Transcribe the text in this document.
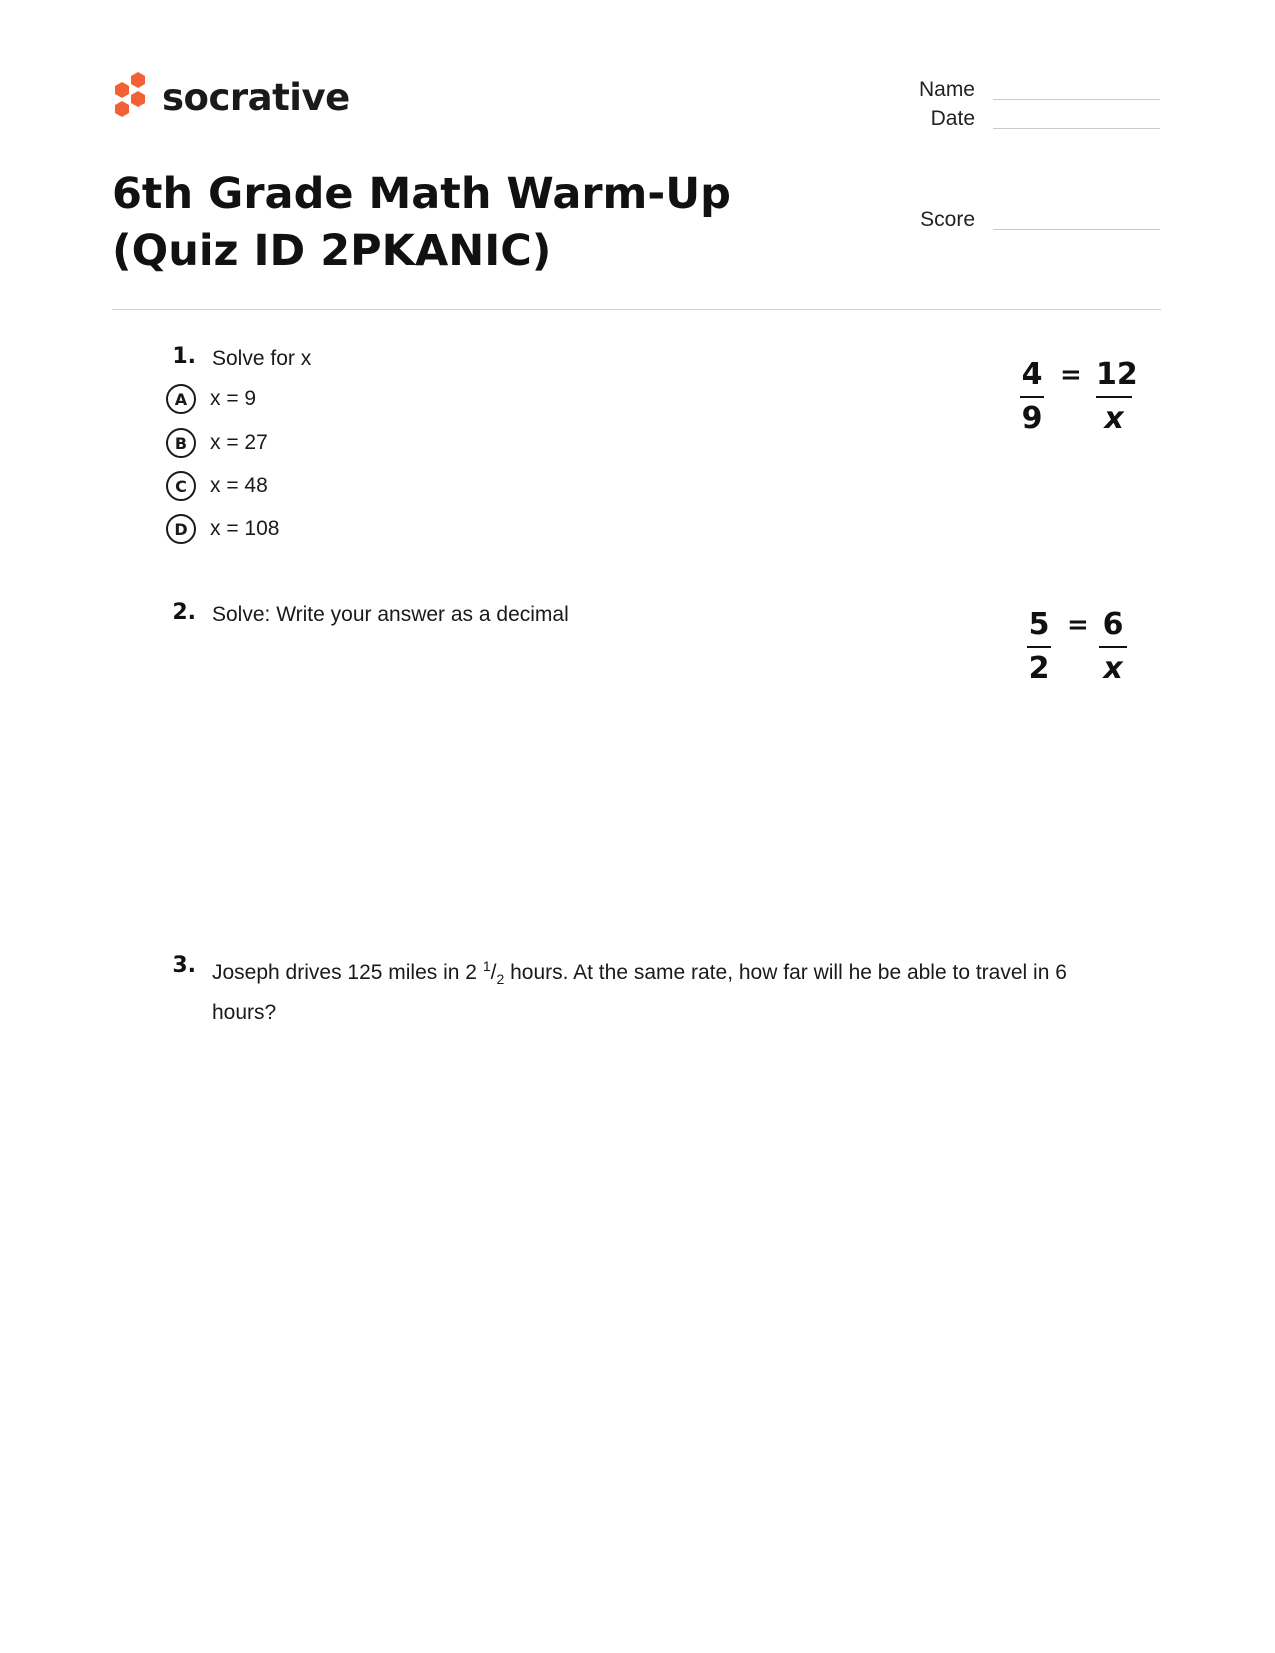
socrative	Name
Date
Score
6th Grade Math Warm-Up (Quiz ID 2PKANIC)
1. Solve for x
A	x = 9
B	x = 27
C	x = 48
D	x = 108
4
9
= 12
x
2. Solve: Write your answer as a decimal	5
2
= 6
x
3. Joseph drives 125 miles in 2 $^1/_2$ hours. At the same rate, how far will he be able to travel in 6 hours?
